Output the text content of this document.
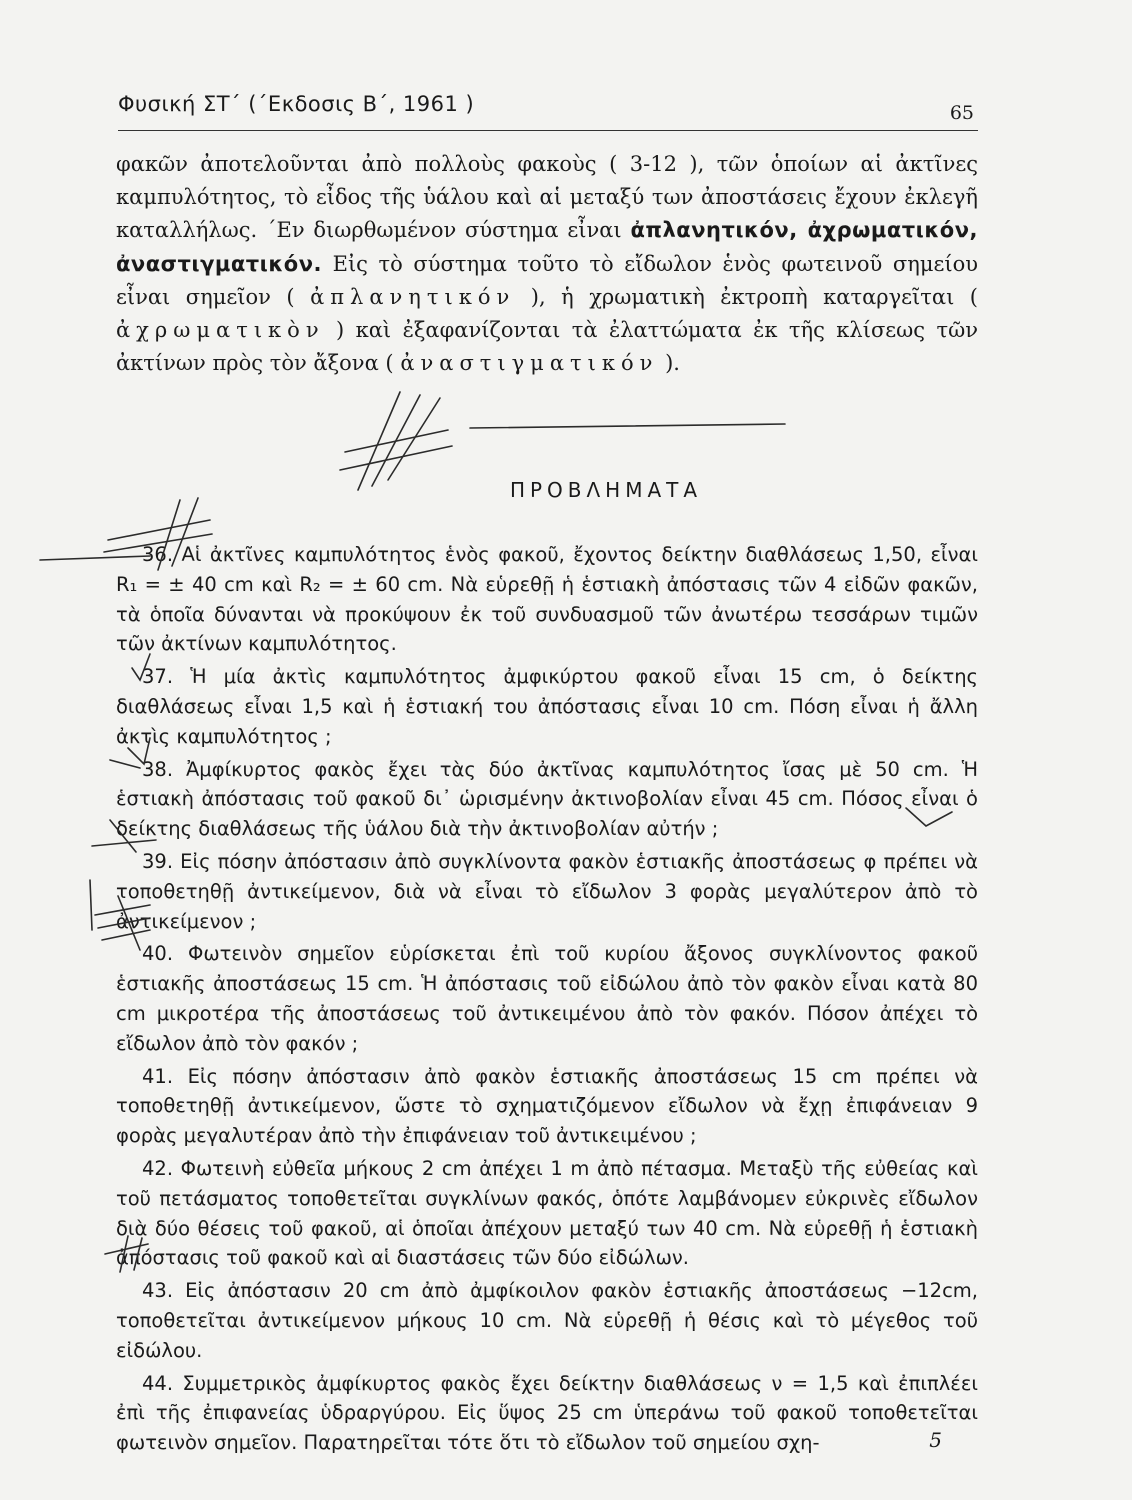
Φυσική ΣΤ΄ (΄Εκδοσις Β΄, 1961 )	65

φακῶν ἀποτελοῦνται ἀπὸ πολλοὺς φακοὺς ( 3-12 ), τῶν ὁποίων αἱ ἀκτῖνες καμπυλότητος, τὸ εἶδος τῆς ὑάλου καὶ αἱ μεταξύ των ἀποστάσεις ἔχουν ἐκλεγῆ καταλλήλως. ΄Εν διωρθωμένον σύστημα εἶναι ἀπλανητικόν, ἀχρωματικόν, ἀναστιγματικόν. Εἰς τὸ σύστημα τοῦτο τὸ εἴδωλον ἑνὸς φωτεινοῦ σημείου εἶναι σημεῖον ( ἀπλανητικόν ), ἡ χρωματικὴ ἐκτροπὴ καταργεῖται ( ἀχρωματικὸν ) καὶ ἐξαφανίζονται τὰ ἐλαττώματα ἐκ τῆς κλίσεως τῶν ἀκτίνων πρὸς τὸν ἄξονα ( ἀναστιγματικόν ).

ΠΡΟΒΛΗΜΑΤΑ

36. Αἱ ἀκτῖνες καμπυλότητος ἑνὸς φακοῦ, ἔχοντος δείκτην διαθλάσεως 1,50, εἶναι R₁ = ± 40 cm καὶ R₂ = ± 60 cm. Νὰ εὑρεθῇ ἡ ἑστιακὴ ἀπόστασις τῶν 4 εἰδῶν φακῶν, τὰ ὁποῖα δύνανται νὰ προκύψουν ἐκ τοῦ συνδυασμοῦ τῶν ἀνωτέρω τεσσάρων τιμῶν τῶν ἀκτίνων καμπυλότητος.

37. Ἡ μία ἀκτὶς καμπυλότητος ἀμφικύρτου φακοῦ εἶναι 15 cm, ὁ δείκτης διαθλάσεως εἶναι 1,5 καὶ ἡ ἑστιακή του ἀπόστασις εἶναι 10 cm. Πόση εἶναι ἡ ἄλλη ἀκτὶς καμπυλότητος ;

38. Ἀμφίκυρτος φακὸς ἔχει τὰς δύο ἀκτῖνας καμπυλότητος ἴσας μὲ 50 cm. Ἡ ἑστιακὴ ἀπόστασις τοῦ φακοῦ δι᾿ ὡρισμένην ἀκτινοβολίαν εἶναι 45 cm. Πόσος εἶναι ὁ δείκτης διαθλάσεως τῆς ὑάλου διὰ τὴν ἀκτινοβολίαν αὐτήν ;

39. Εἰς πόσην ἀπόστασιν ἀπὸ συγκλίνοντα φακὸν ἑστιακῆς ἀποστάσεως φ πρέπει νὰ τοποθετηθῇ ἀντικείμενον, διὰ νὰ εἶναι τὸ εἴδωλον 3 φορὰς μεγαλύτερον ἀπὸ τὸ ἀντικείμενον ;

40. Φωτεινὸν σημεῖον εὑρίσκεται ἐπὶ τοῦ κυρίου ἄξονος συγκλίνοντος φακοῦ ἑστιακῆς ἀποστάσεως 15 cm. Ἡ ἀπόστασις τοῦ εἰδώλου ἀπὸ τὸν φακὸν εἶναι κατὰ 80 cm μικροτέρα τῆς ἀποστάσεως τοῦ ἀντικειμένου ἀπὸ τὸν φακόν. Πόσον ἀπέχει τὸ εἴδωλον ἀπὸ τὸν φακόν ;

41. Εἰς πόσην ἀπόστασιν ἀπὸ φακὸν ἑστιακῆς ἀποστάσεως 15 cm πρέπει νὰ τοποθετηθῇ ἀντικείμενον, ὥστε τὸ σχηματιζόμενον εἴδωλον νὰ ἔχῃ ἐπιφάνειαν 9 φορὰς μεγαλυτέραν ἀπὸ τὴν ἐπιφάνειαν τοῦ ἀντικειμένου ;

42. Φωτεινὴ εὐθεῖα μήκους 2 cm ἀπέχει 1 m ἀπὸ πέτασμα. Μεταξὺ τῆς εὐθείας καὶ τοῦ πετάσματος τοποθετεῖται συγκλίνων φακός, ὁπότε λαμβάνομεν εὐκρινὲς εἴδωλον διὰ δύο θέσεις τοῦ φακοῦ, αἱ ὁποῖαι ἀπέχουν μεταξύ των 40 cm. Νὰ εὑρεθῇ ἡ ἑστιακὴ ἀπόστασις τοῦ φακοῦ καὶ αἱ διαστάσεις τῶν δύο εἰδώλων.

43. Εἰς ἀπόστασιν 20 cm ἀπὸ ἀμφίκοιλον φακὸν ἑστιακῆς ἀποστάσεως −12cm, τοποθετεῖται ἀντικείμενον μήκους 10 cm. Νὰ εὑρεθῇ ἡ θέσις καὶ τὸ μέγεθος τοῦ εἰδώλου.

44. Συμμετρικὸς ἀμφίκυρτος φακὸς ἔχει δείκτην διαθλάσεως ν = 1,5 καὶ ἐπιπλέει ἐπὶ τῆς ἐπιφανείας ὑδραργύρου. Εἰς ὕψος 25 cm ὑπεράνω τοῦ φακοῦ τοποθετεῖται φωτεινὸν σημεῖον. Παρατηρεῖται τότε ὅτι τὸ εἴδωλον τοῦ σημείου σχη-	5
